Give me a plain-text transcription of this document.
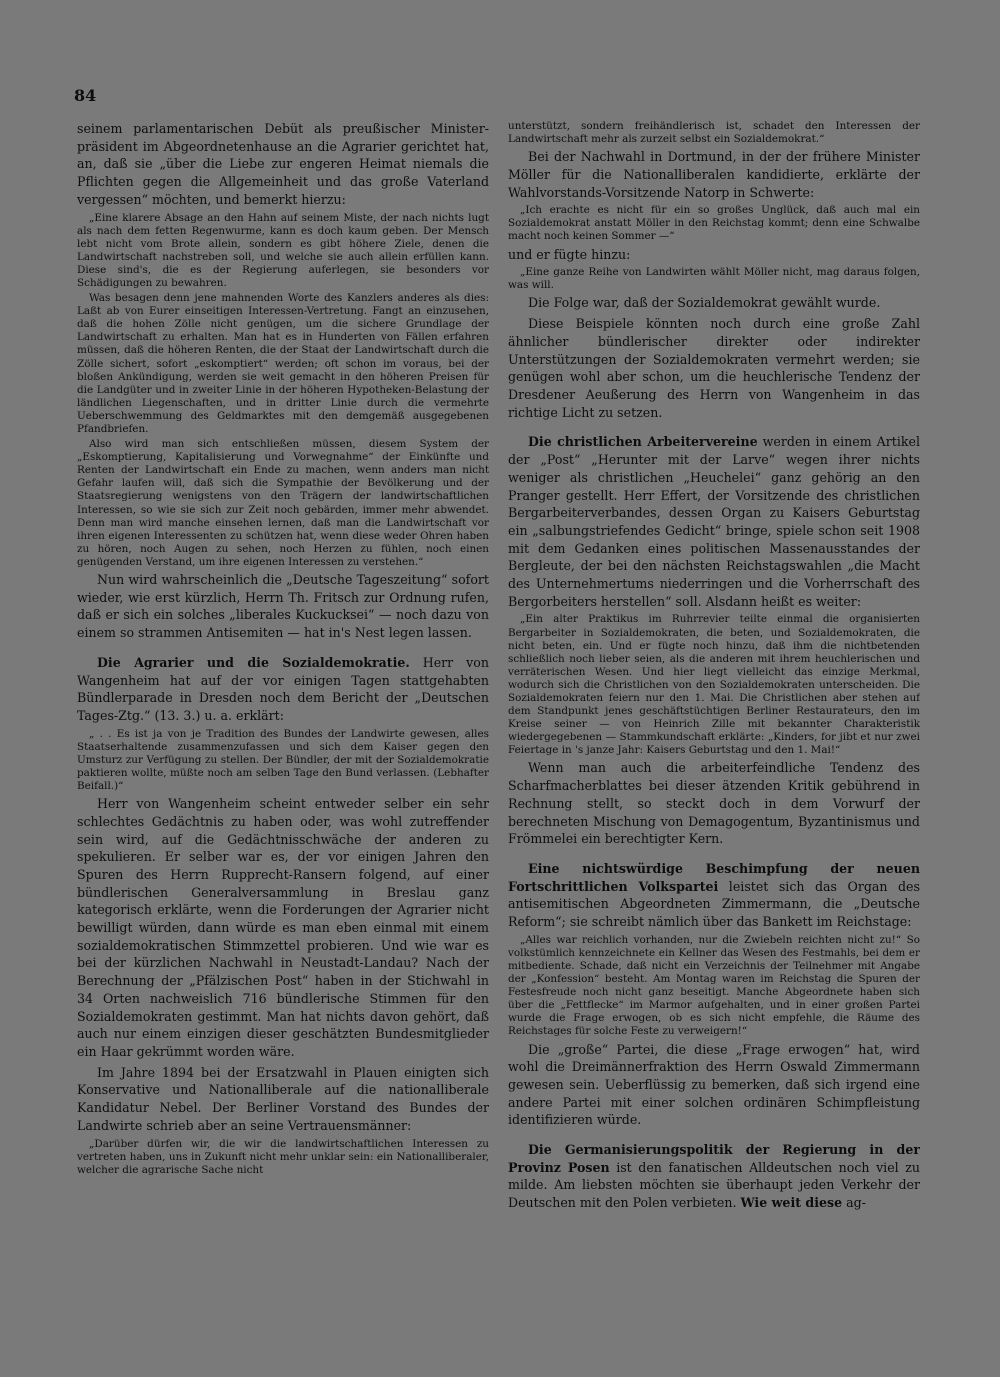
84

seinem parlamentarischen Debüt als preußischer Minister-präsident im Abgeordnetenhause an die Agrarier gerichtet hat, an, daß sie „über die Liebe zur engeren Heimat niemals die Pflichten gegen die Allgemeinheit und das große Vaterland vergessen“ möchten, und bemerkt hierzu:

„Eine klarere Absage an den Hahn auf seinem Miste, der nach nichts lugt als nach dem fetten Regenwurme, kann es doch kaum geben. Der Mensch lebt nicht vom Brote allein, sondern es gibt höhere Ziele, denen die Landwirtschaft nachstreben soll, und welche sie auch allein erfüllen kann. Diese sind's, die es der Regierung auferlegen, sie besonders vor Schädigungen zu bewahren.

Was besagen denn jene mahnenden Worte des Kanzlers anderes als dies: Laßt ab von Eurer einseitigen Interessen-Vertretung. Fangt an einzusehen, daß die hohen Zölle nicht genügen, um die sichere Grundlage der Landwirtschaft zu erhalten. Man hat es in Hunderten von Fällen erfahren müssen, daß die höheren Renten, die der Staat der Landwirtschaft durch die Zölle sichert, sofort „eskomptiert“ werden; oft schon im voraus, bei der bloßen Ankündigung, werden sie weit gemacht in den höheren Preisen für die Landgüter und in zweiter Linie in der höheren Hypotheken-Belastung der ländlichen Liegenschaften, und in dritter Linie durch die vermehrte Ueberschwemmung des Geldmarktes mit den demgemäß ausgegebenen Pfandbriefen.

Also wird man sich entschließen müssen, diesem System der „Eskomptierung, Kapitalisierung und Vorwegnahme“ der Einkünfte und Renten der Landwirtschaft ein Ende zu machen, wenn anders man nicht Gefahr laufen will, daß sich die Sympathie der Bevölkerung und der Staatsregierung wenigstens von den Trägern der landwirtschaftlichen Interessen, so wie sie sich zur Zeit noch gebärden, immer mehr abwendet. Denn man wird manche einsehen lernen, daß man die Landwirtschaft vor ihren eigenen Interessenten zu schützen hat, wenn diese weder Ohren haben zu hören, noch Augen zu sehen, noch Herzen zu fühlen, noch einen genügenden Verstand, um ihre eigenen Interessen zu verstehen.“

Nun wird wahrscheinlich die „Deutsche Tageszeitung“ sofort wieder, wie erst kürzlich, Herrn Th. Fritsch zur Ordnung rufen, daß er sich ein solches „liberales Kuckucksei“ — noch dazu von einem so strammen Antisemiten — hat in's Nest legen lassen.

Die Agrarier und die Sozialdemokratie. Herr von Wangenheim hat auf der vor einigen Tagen stattgehabten Bündlerparade in Dresden noch dem Bericht der „Deutschen Tages-Ztg.“ (13. 3.) u. a. erklärt:

„ . . Es ist ja von je Tradition des Bundes der Landwirte gewesen, alles Staatserhaltende zusammenzufassen und sich dem Kaiser gegen den Umsturz zur Verfügung zu stellen. Der Bündler, der mit der Sozialdemokratie paktieren wollte, müßte noch am selben Tage den Bund verlassen. (Lebhafter Beifall.)“

Herr von Wangenheim scheint entweder selber ein sehr schlechtes Gedächtnis zu haben oder, was wohl zutreffender sein wird, auf die Gedächtnisschwäche der anderen zu spekulieren. Er selber war es, der vor einigen Jahren den Spuren des Herrn Rupprecht-Ransern folgend, auf einer bündlerischen Generalversammlung in Breslau ganz kategorisch erklärte, wenn die Forderungen der Agrarier nicht bewilligt würden, dann würde es man eben einmal mit einem sozialdemokratischen Stimmzettel probieren. Und wie war es bei der kürzlichen Nachwahl in Neustadt-Landau? Nach der Berechnung der „Pfälzischen Post“ haben in der Stichwahl in 34 Orten nachweislich 716 bündlerische Stimmen für den Sozialdemokraten gestimmt. Man hat nichts davon gehört, daß auch nur einem einzigen dieser geschätzten Bundesmitglieder ein Haar gekrümmt worden wäre.

Im Jahre 1894 bei der Ersatzwahl in Plauen einigten sich Konservative und Nationalliberale auf die nationalliberale Kandidatur Nebel. Der Berliner Vorstand des Bundes der Landwirte schrieb aber an seine Vertrauensmänner:

„Darüber dürfen wir, die wir die landwirtschaftlichen Interessen zu vertreten haben, uns in Zukunft nicht mehr unklar sein: ein Nationalliberaler, welcher die agrarische Sache nicht

unterstützt, sondern freihändlerisch ist, schadet den Interessen der Landwirtschaft mehr als zurzeit selbst ein Sozialdemokrat.“

Bei der Nachwahl in Dortmund, in der der frühere Minister Möller für die Nationalliberalen kandidierte, erklärte der Wahlvorstands-Vorsitzende Natorp in Schwerte:

„Ich erachte es nicht für ein so großes Unglück, daß auch mal ein Sozialdemokrat anstatt Möller in den Reichstag kommt; denn eine Schwalbe macht noch keinen Sommer —“

und er fügte hinzu:

„Eine ganze Reihe von Landwirten wählt Möller nicht, mag daraus folgen, was will.

Die Folge war, daß der Sozialdemokrat gewählt wurde.

Diese Beispiele könnten noch durch eine große Zahl ähnlicher bündlerischer direkter oder indirekter Unterstützungen der Sozialdemokraten vermehrt werden; sie genügen wohl aber schon, um die heuchlerische Tendenz der Dresdener Aeußerung des Herrn von Wangenheim in das richtige Licht zu setzen.

Die christlichen Arbeitervereine werden in einem Artikel der „Post“ „Herunter mit der Larve“ wegen ihrer nichts weniger als christlichen „Heuchelei“ ganz gehörig an den Pranger gestellt. Herr Effert, der Vorsitzende des christlichen Bergarbeiterverbandes, dessen Organ zu Kaisers Geburtstag ein „salbungstriefendes Gedicht“ bringe, spiele schon seit 1908 mit dem Gedanken eines politischen Massenausstandes der Bergleute, der bei den nächsten Reichstagswahlen „die Macht des Unternehmertums niederringen und die Vorherrschaft des Bergorbeiters herstellen“ soll. Alsdann heißt es weiter:

„Ein alter Praktikus im Ruhrrevier teilte einmal die organisierten Bergarbeiter in Sozialdemokraten, die beten, und Sozialdemokraten, die nicht beten, ein. Und er fügte noch hinzu, daß ihm die nichtbetenden schließlich noch lieber seien, als die anderen mit ihrem heuchlerischen und verräterischen Wesen. Und hier liegt vielleicht das einzige Merkmal, wodurch sich die Christlichen von den Sozialdemokraten unterscheiden. Die Sozialdemokraten feiern nur den 1. Mai. Die Christlichen aber stehen auf dem Standpunkt jenes geschäftstüchtigen Berliner Restaurateurs, den im Kreise seiner — von Heinrich Zille mit bekannter Charakteristik wiedergegebenen — Stammkundschaft erklärte: „Kinders, for jibt et nur zwei Feiertage in 's janze Jahr: Kaisers Geburtstag und den 1. Mai!“

Wenn man auch die arbeiterfeindliche Tendenz des Scharfmacherblattes bei dieser ätzenden Kritik gebührend in Rechnung stellt, so steckt doch in dem Vorwurf der berechneten Mischung von Demagogentum, Byzantinismus und Frömmelei ein berechtigter Kern.

Eine nichtswürdige Beschimpfung der neuen Fortschrittlichen Volkspartei leistet sich das Organ des antisemitischen Abgeordneten Zimmermann, die „Deutsche Reform“; sie schreibt nämlich über das Bankett im Reichstage:

„Alles war reichlich vorhanden, nur die Zwiebeln reichten nicht zu!“ So volkstümlich kennzeichnete ein Kellner das Wesen des Festmahls, bei dem er mitbediente. Schade, daß nicht ein Verzeichnis der Teilnehmer mit Angabe der „Konfession“ besteht. Am Montag waren im Reichstag die Spuren der Festesfreude noch nicht ganz beseitigt. Manche Abgeordnete haben sich über die „Fettflecke“ im Marmor aufgehalten, und in einer großen Partei wurde die Frage erwogen, ob es sich nicht empfehle, die Räume des Reichstages für solche Feste zu verweigern!“

Die „große“ Partei, die diese „Frage erwogen“ hat, wird wohl die Dreimännerfraktion des Herrn Oswald Zimmermann gewesen sein. Ueberflüssig zu bemerken, daß sich irgend eine andere Partei mit einer solchen ordinären Schimpfleistung identifizieren würde.

Die Germanisierungspolitik der Regierung in der Provinz Posen ist den fanatischen Alldeutschen noch viel zu milde. Am liebsten möchten sie überhaupt jeden Verkehr der Deutschen mit den Polen verbieten. Wie weit diese ag-
